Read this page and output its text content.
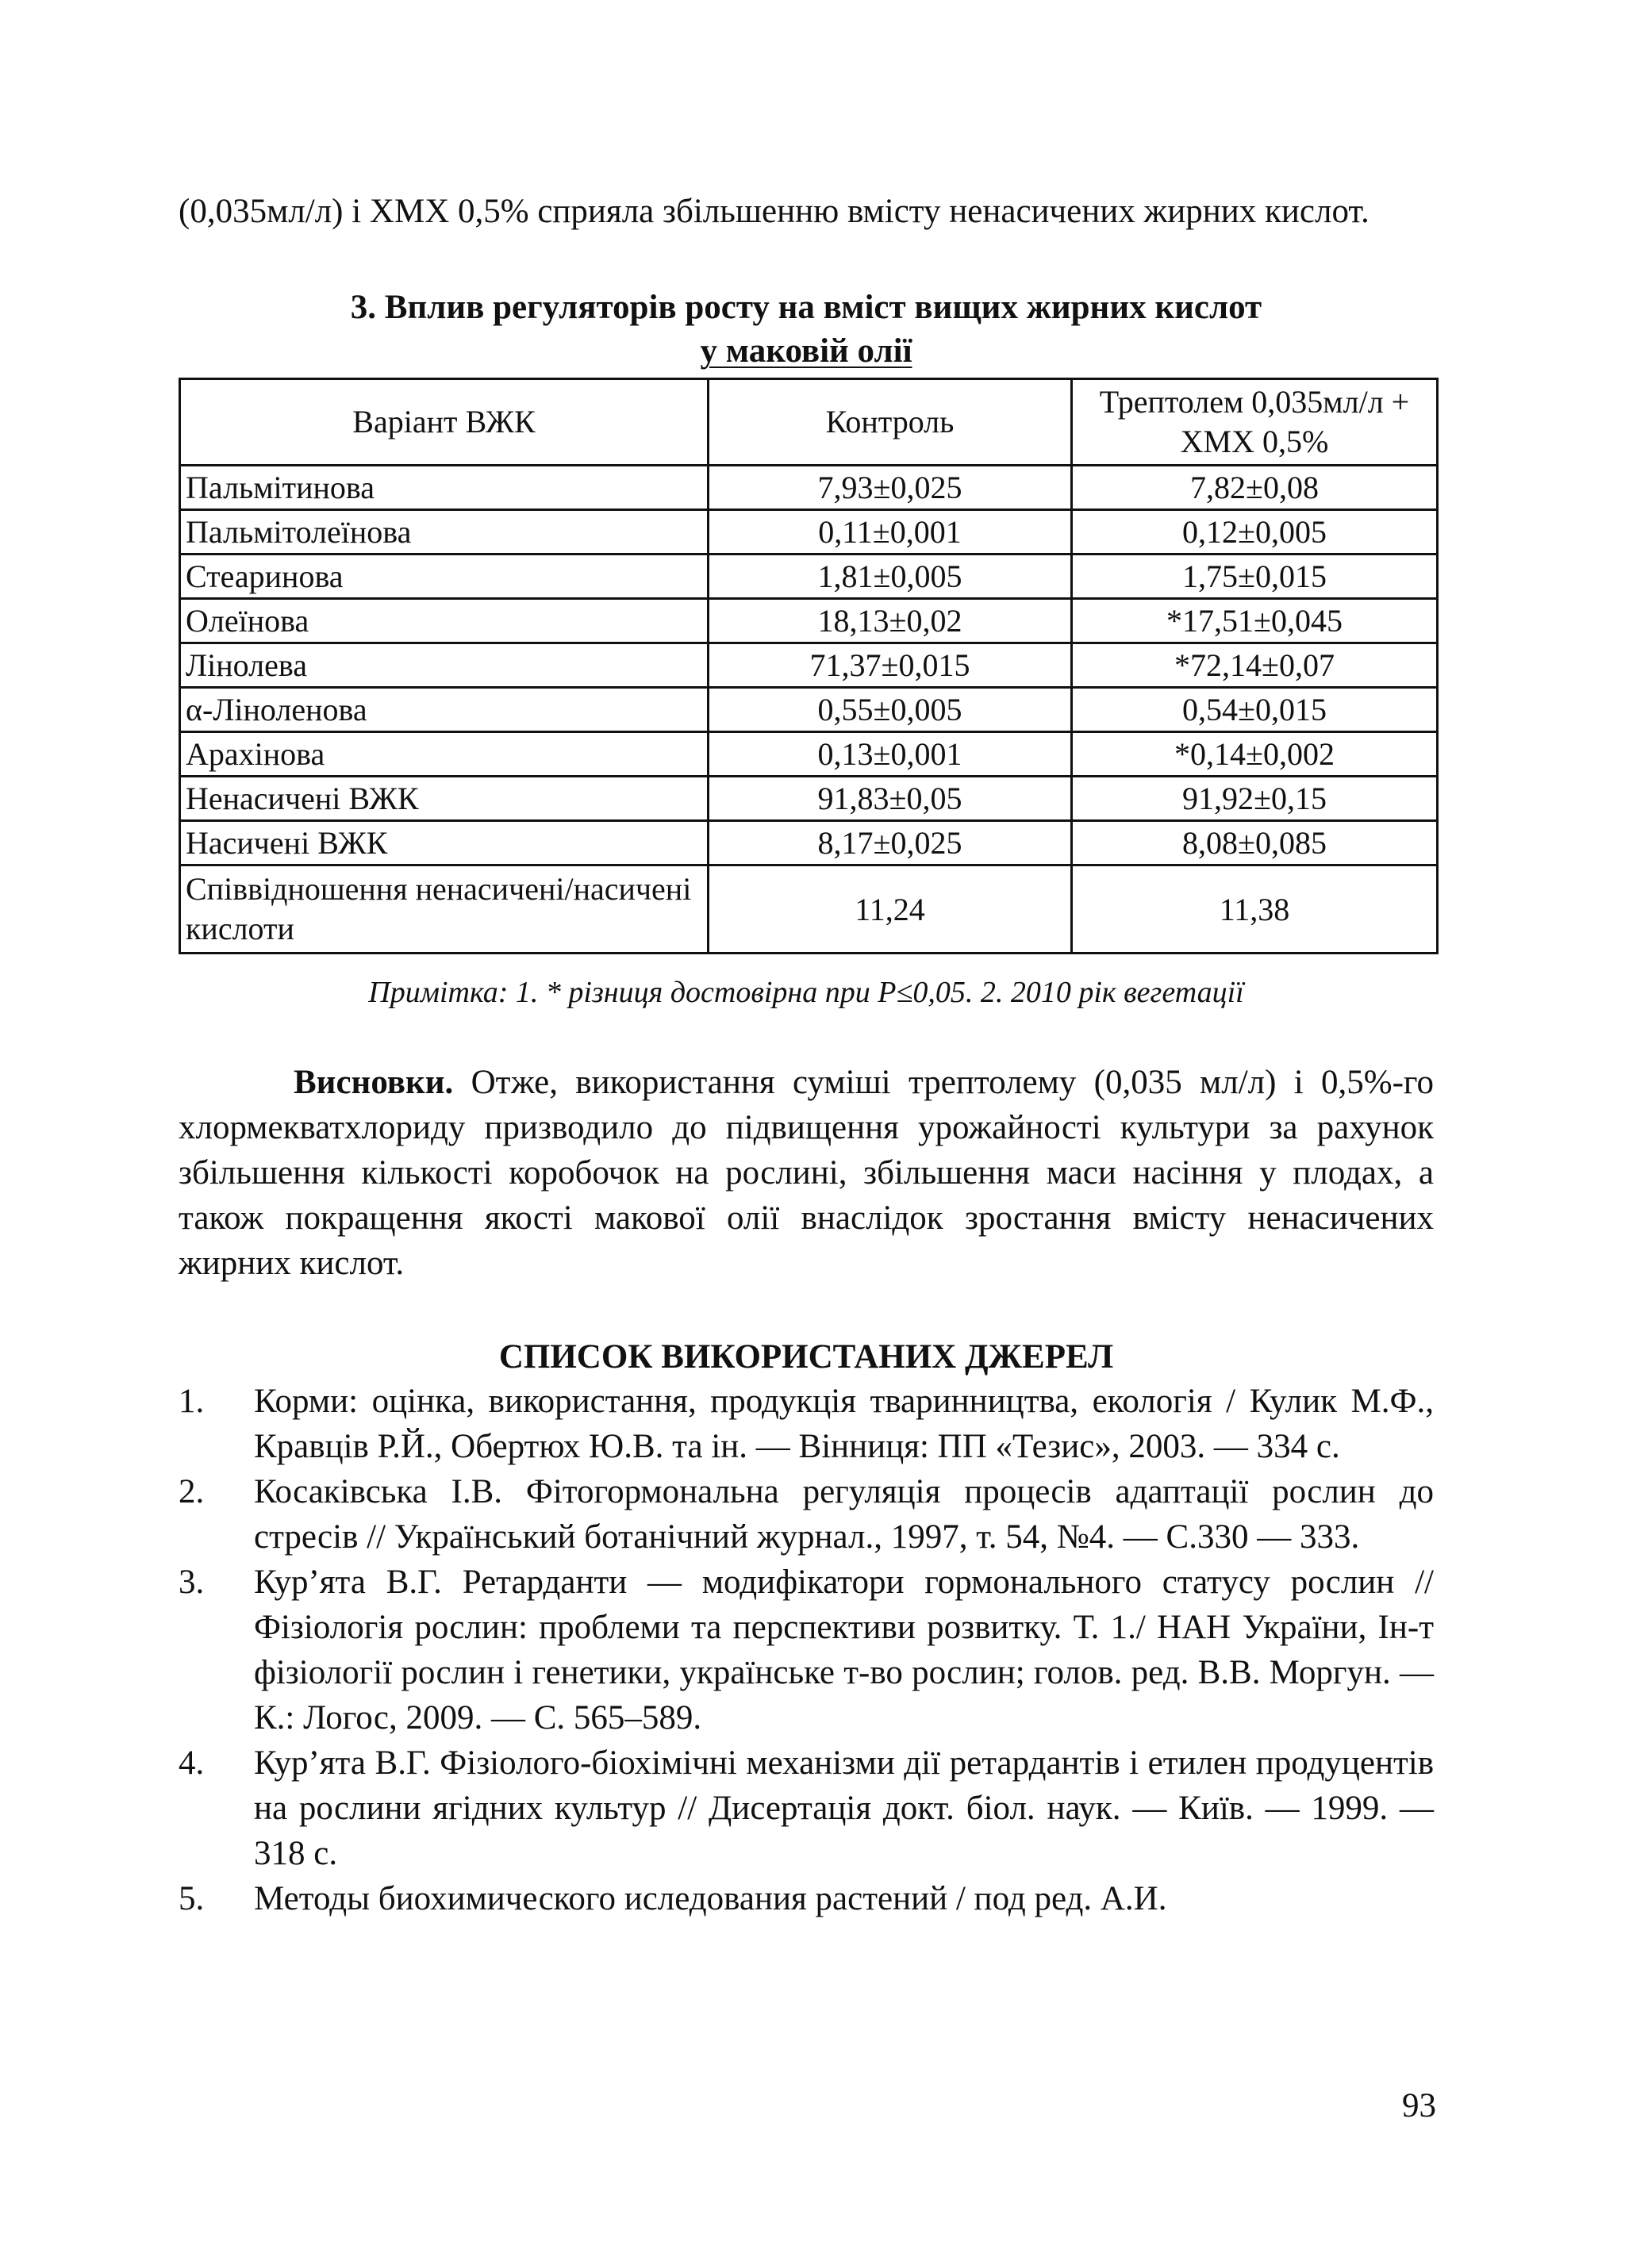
(0,035мл/л) і ХМХ 0,5% сприяла збільшенню вмісту ненасичених жирних кислот.

3. Вплив регуляторів росту на вміст вищих жирних кислот
у маковій олії
Варіант ВЖК	Контроль	Трептолем 0,035мл/л + ХМХ 0,5%
Пальмітинова	7,93±0,025	7,82±0,08
Пальмітолеїнова	0,11±0,001	0,12±0,005
Стеаринова	1,81±0,005	1,75±0,015
Олеїнова	18,13±0,02	*17,51±0,045
Лінолева	71,37±0,015	*72,14±0,07
α-Ліноленова	0,55±0,005	0,54±0,015
Арахінова	0,13±0,001	*0,14±0,002
Ненасичені ВЖК	91,83±0,05	91,92±0,15
Насичені ВЖК	8,17±0,025	8,08±0,085
Співвідношення ненасичені/насичені кислоти	11,24	11,38

Примітка: 1. * різниця достовірна при Р≤0,05. 2. 2010 рік вегетації

Висновки. Отже, використання суміші трептолему (0,035 мл/л) і 0,5%-го хлормекватхлориду призводило до підвищення урожайності культури за рахунок збільшення кількості коробочок на рослині, збільшення маси насіння у плодах, а також покращення якості макової олії внаслідок зростання вмісту ненасичених жирних кислот.

СПИСОК ВИКОРИСТАНИХ ДЖЕРЕЛ
1. Корми: оцінка, використання, продукція тваринництва, екологія / Кулик М.Ф., Кравців Р.Й., Обертюх Ю.В. та ін. — Вінниця: ПП «Тезис», 2003. — 334 с.
2. Косаківська І.В. Фітогормональна регуляція процесів адаптації рослин до стресів // Український ботанічний журнал., 1997, т. 54, №4. — С.330 — 333.
3. Кур’ята В.Г. Ретарданти — модифікатори гормонального статусу рослин // Фізіологія рослин: проблеми та перспективи розвитку. Т. 1./ НАН України, Ін-т фізіології рослин і генетики, українське т-во рослин; голов. ред. В.В. Моргун. — К.: Логос, 2009. — С. 565–589.
4. Кур’ята В.Г. Фізіолого-біохімічні механізми дії ретардантів і етилен продуцентів на рослини ягідних культур // Дисертація докт. біол. наук. — Київ. — 1999. — 318 с.
5. Методы биохимического иследования растений / под ред. А.И.
93
